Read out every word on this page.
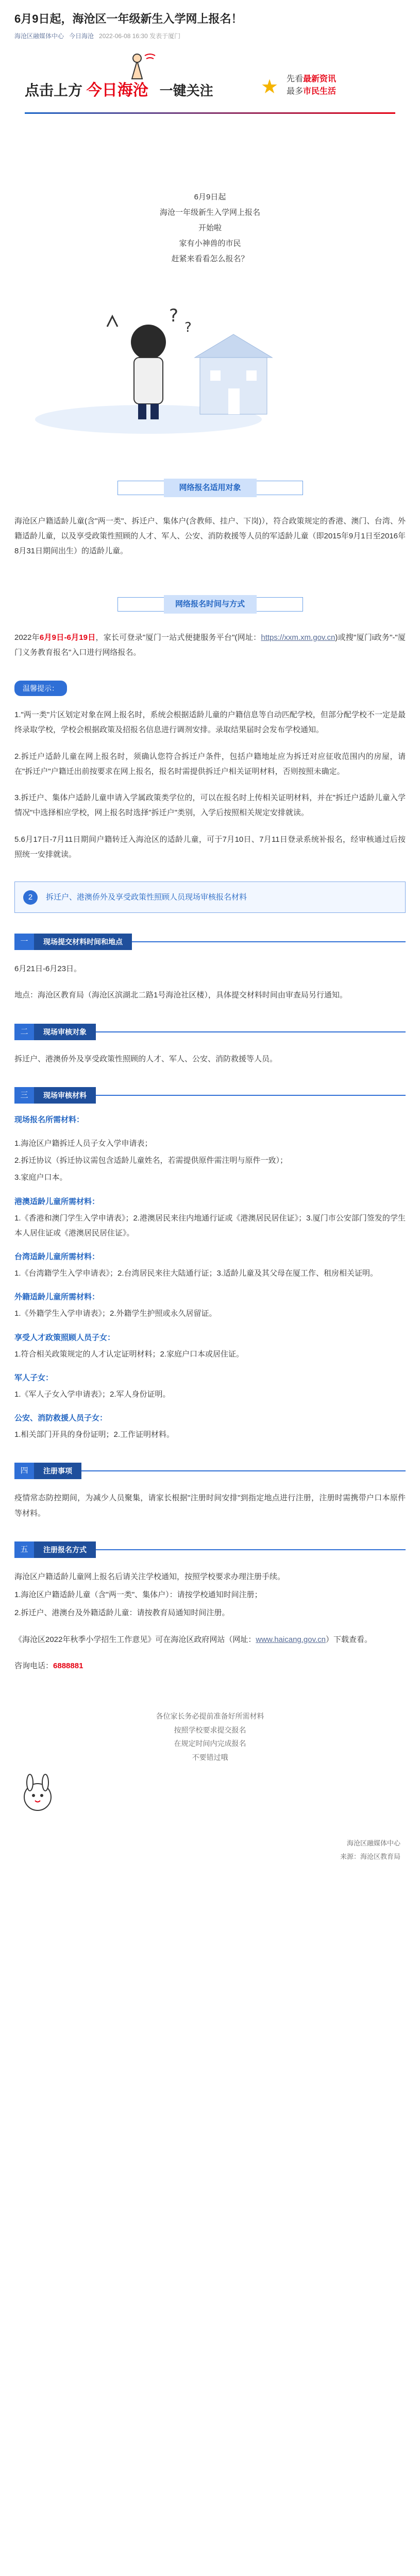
6月9日起，海沧区一年级新生入学网上报名！
海沧区融媒体中心 今日海沧 2022-06-08 16:30 发表于厦门
点击上方 今日海沧 一键关注 ★ 先看最新资讯
最多市民生活
6月9日起
海沧一年级新生入学网上报名
开始啦
家有小神兽的市民
赶紧来看看怎么报名？
?
?
网络报名适用对象

海沧区户籍适龄儿童(含"两一类"、拆迁户、集体户(含教师、挂户、下岗)），符合政策规定的香港、澳门、台湾、外籍适龄儿童，以及享受政策性照顾的人才、军人、公安、消防救援等人员的军适龄儿童（即2015年9月1日至2016年8月31日期间出生）的适龄儿童。

网络报名时间与方式

2022年6月9日-6月19日，家长可登录"厦门一站式便捷服务平台"(网址：https://xxm.xm.gov.cn)或搜"厦门i政务"-"厦门义务教育报名"入口进行网络报名。

温馨提示：

1."两一类"片区划定对象在网上报名时，系统会根据适龄儿童的户籍信息等自动匹配学校，但部分配学校不一定是最终录取学校，学校会根据政策及招报名信息进行调剂安排。录取结果届时会发布学校通知。

2.拆迁户适龄儿童在网上报名时，须确认您符合拆迁户条件，包括户籍地址应为拆迁对应征收范围内的房屋，请在"拆迁户"户籍迁出前按要求在网上报名，报名时需提供拆迁户相关证明材料，否则按照未确定。

3.拆迁户、集体户适龄儿童申请入学属政策类学位的，可以在报名时上传相关证明材料，并在"拆迁户适龄儿童入学情况"中选择相应学校，网上报名时选择"拆迁户"类别，入学后按照相关规定安排就读。

5.6月17日-7月11日期间户籍转迁入海沧区的适龄儿童，可于7月10日、7月11日登录系统补报名，经审核通过后按照统一安排就读。

2	拆迁户、港澳侨外及享受政策性照顾人员现场审核报名材料
一	现场提交材料时间和地点

6月21日-6月23日。

地点：海沧区教育局（海沧区滨湖北二路1号海沧社区楼），具体提交材料时间由审查局另行通知。

二	现场审核对象

拆迁户、港澳侨外及享受政策性照顾的人才、军人、公安、消防救援等人员。

三	现场审核材料
现场报名所需材料：

1.海沧区户籍拆迁人员子女入学申请表；

2.拆迁协议（拆迁协议需包含适龄儿童姓名，若需提供原件需注明与原件一致）；

3.家庭户口本。

港澳适龄儿童所需材料：

1.《香港和澳门学生入学申请表》；2.港澳居民来往内地通行证或《港澳居民居住证》；3.厦门市公安部门签发的学生本人居住证或《港澳居民居住证》。

台湾适龄儿童所需材料：

1.《台湾籍学生入学申请表》；2.台湾居民来往大陆通行证；3.适龄儿童及其父母在厦工作、租房相关证明。

外籍适龄儿童所需材料：

1.《外籍学生入学申请表》；2.外籍学生护照或永久居留证。

享受人才政策照顾人员子女：

1.符合相关政策规定的人才认定证明材料；2.家庭户口本或居住证。

军人子女：

1.《军人子女入学申请表》；2.军人身份证明。

公安、消防救援人员子女：

1.相关部门开具的身份证明；2.工作证明材料。

四	注册事项

疫情常态防控期间，为减少人员聚集，请家长根据"注册时间安排"到指定地点进行注册，注册时需携带户口本原件等材料。

五	注册报名方式

海沧区户籍适龄儿童网上报名后请关注学校通知，按照学校要求办理注册手续。

1.海沧区户籍适龄儿童（含"两一类"、集体户）：请按学校通知时间注册；

2.拆迁户、港澳台及外籍适龄儿童：请按教育局通知时间注册。

《海沧区2022年秋季小学招生工作意见》可在海沧区政府网站（网址：www.haicang.gov.cn）下载查看。

咨询电话：6888881

各位家长务必提前准备好所需材料
按照学校要求提交报名
在规定时间内完成报名
不要错过哦
海沧区融媒体中心
来源：海沧区教育局
